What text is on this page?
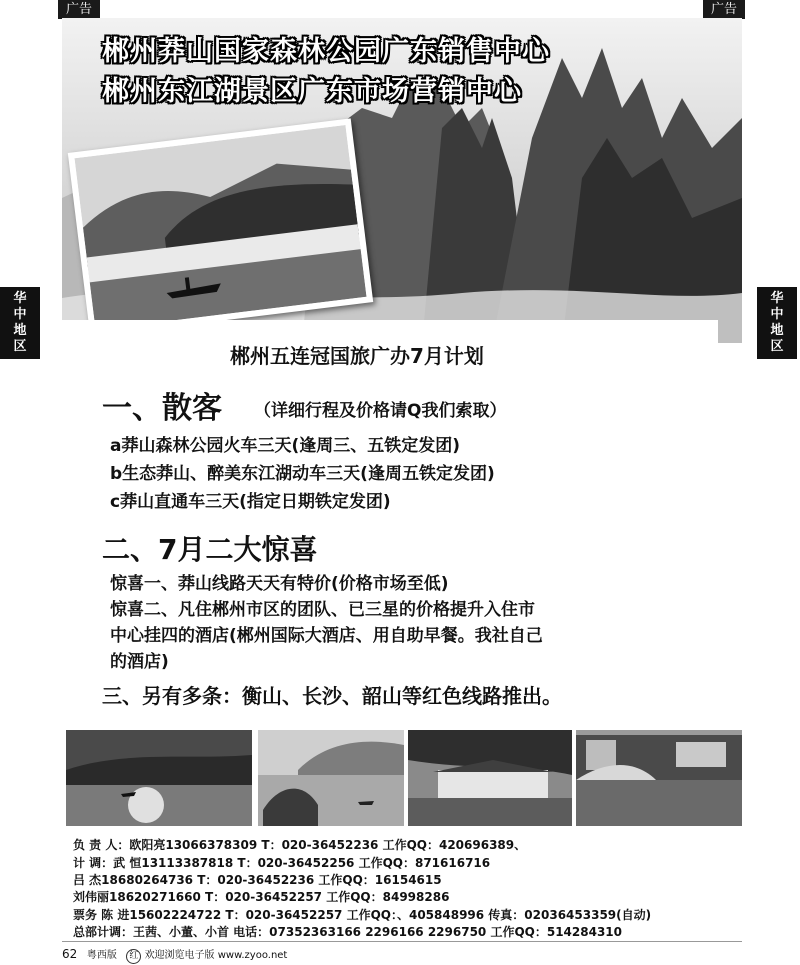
广告	广告
华中地区
华中地区
郴州莽山国家森林公园广东销售中心
郴州东江湖景区广东市场营销中心
郴州五连冠国旅广办7月计划
一、散客 （详细行程及价格请Q我们索取）
a莽山森林公园火车三天(逢周三、五铁定发团)
b生态莽山、醉美东江湖动车三天(逢周五铁定发团)
c莽山直通车三天(指定日期铁定发团)
二、7月二大惊喜
惊喜一、莽山线路天天有特价(价格市场至低)
惊喜二、凡住郴州市区的团队、已三星的价格提升入住市
中心挂四的酒店(郴州国际大酒店、用自助早餐。我社自己
的酒店)
三、另有多条：衡山、长沙、韶山等红色线路推出。
负 责 人：欧阳亮13066378309 T：020-36452236 工作QQ：420696389、
计 调：武 恒13113387818 T：020-36452256 工作QQ：871616716
吕 杰18680264736 T：020-36452236 工作QQ：16154615
刘伟丽18620271660 T：020-36452257 工作QQ：84998286
票务 陈 进15602224722 T：020-36452257 工作QQ：、405848996 传真：02036453359(自动)
总部计调：王茜、小董、小首 电话：07352363166 2296166 2296750 工作QQ：514284310
62 粤西版 红 欢迎浏览电子版 www.zyoo.net
